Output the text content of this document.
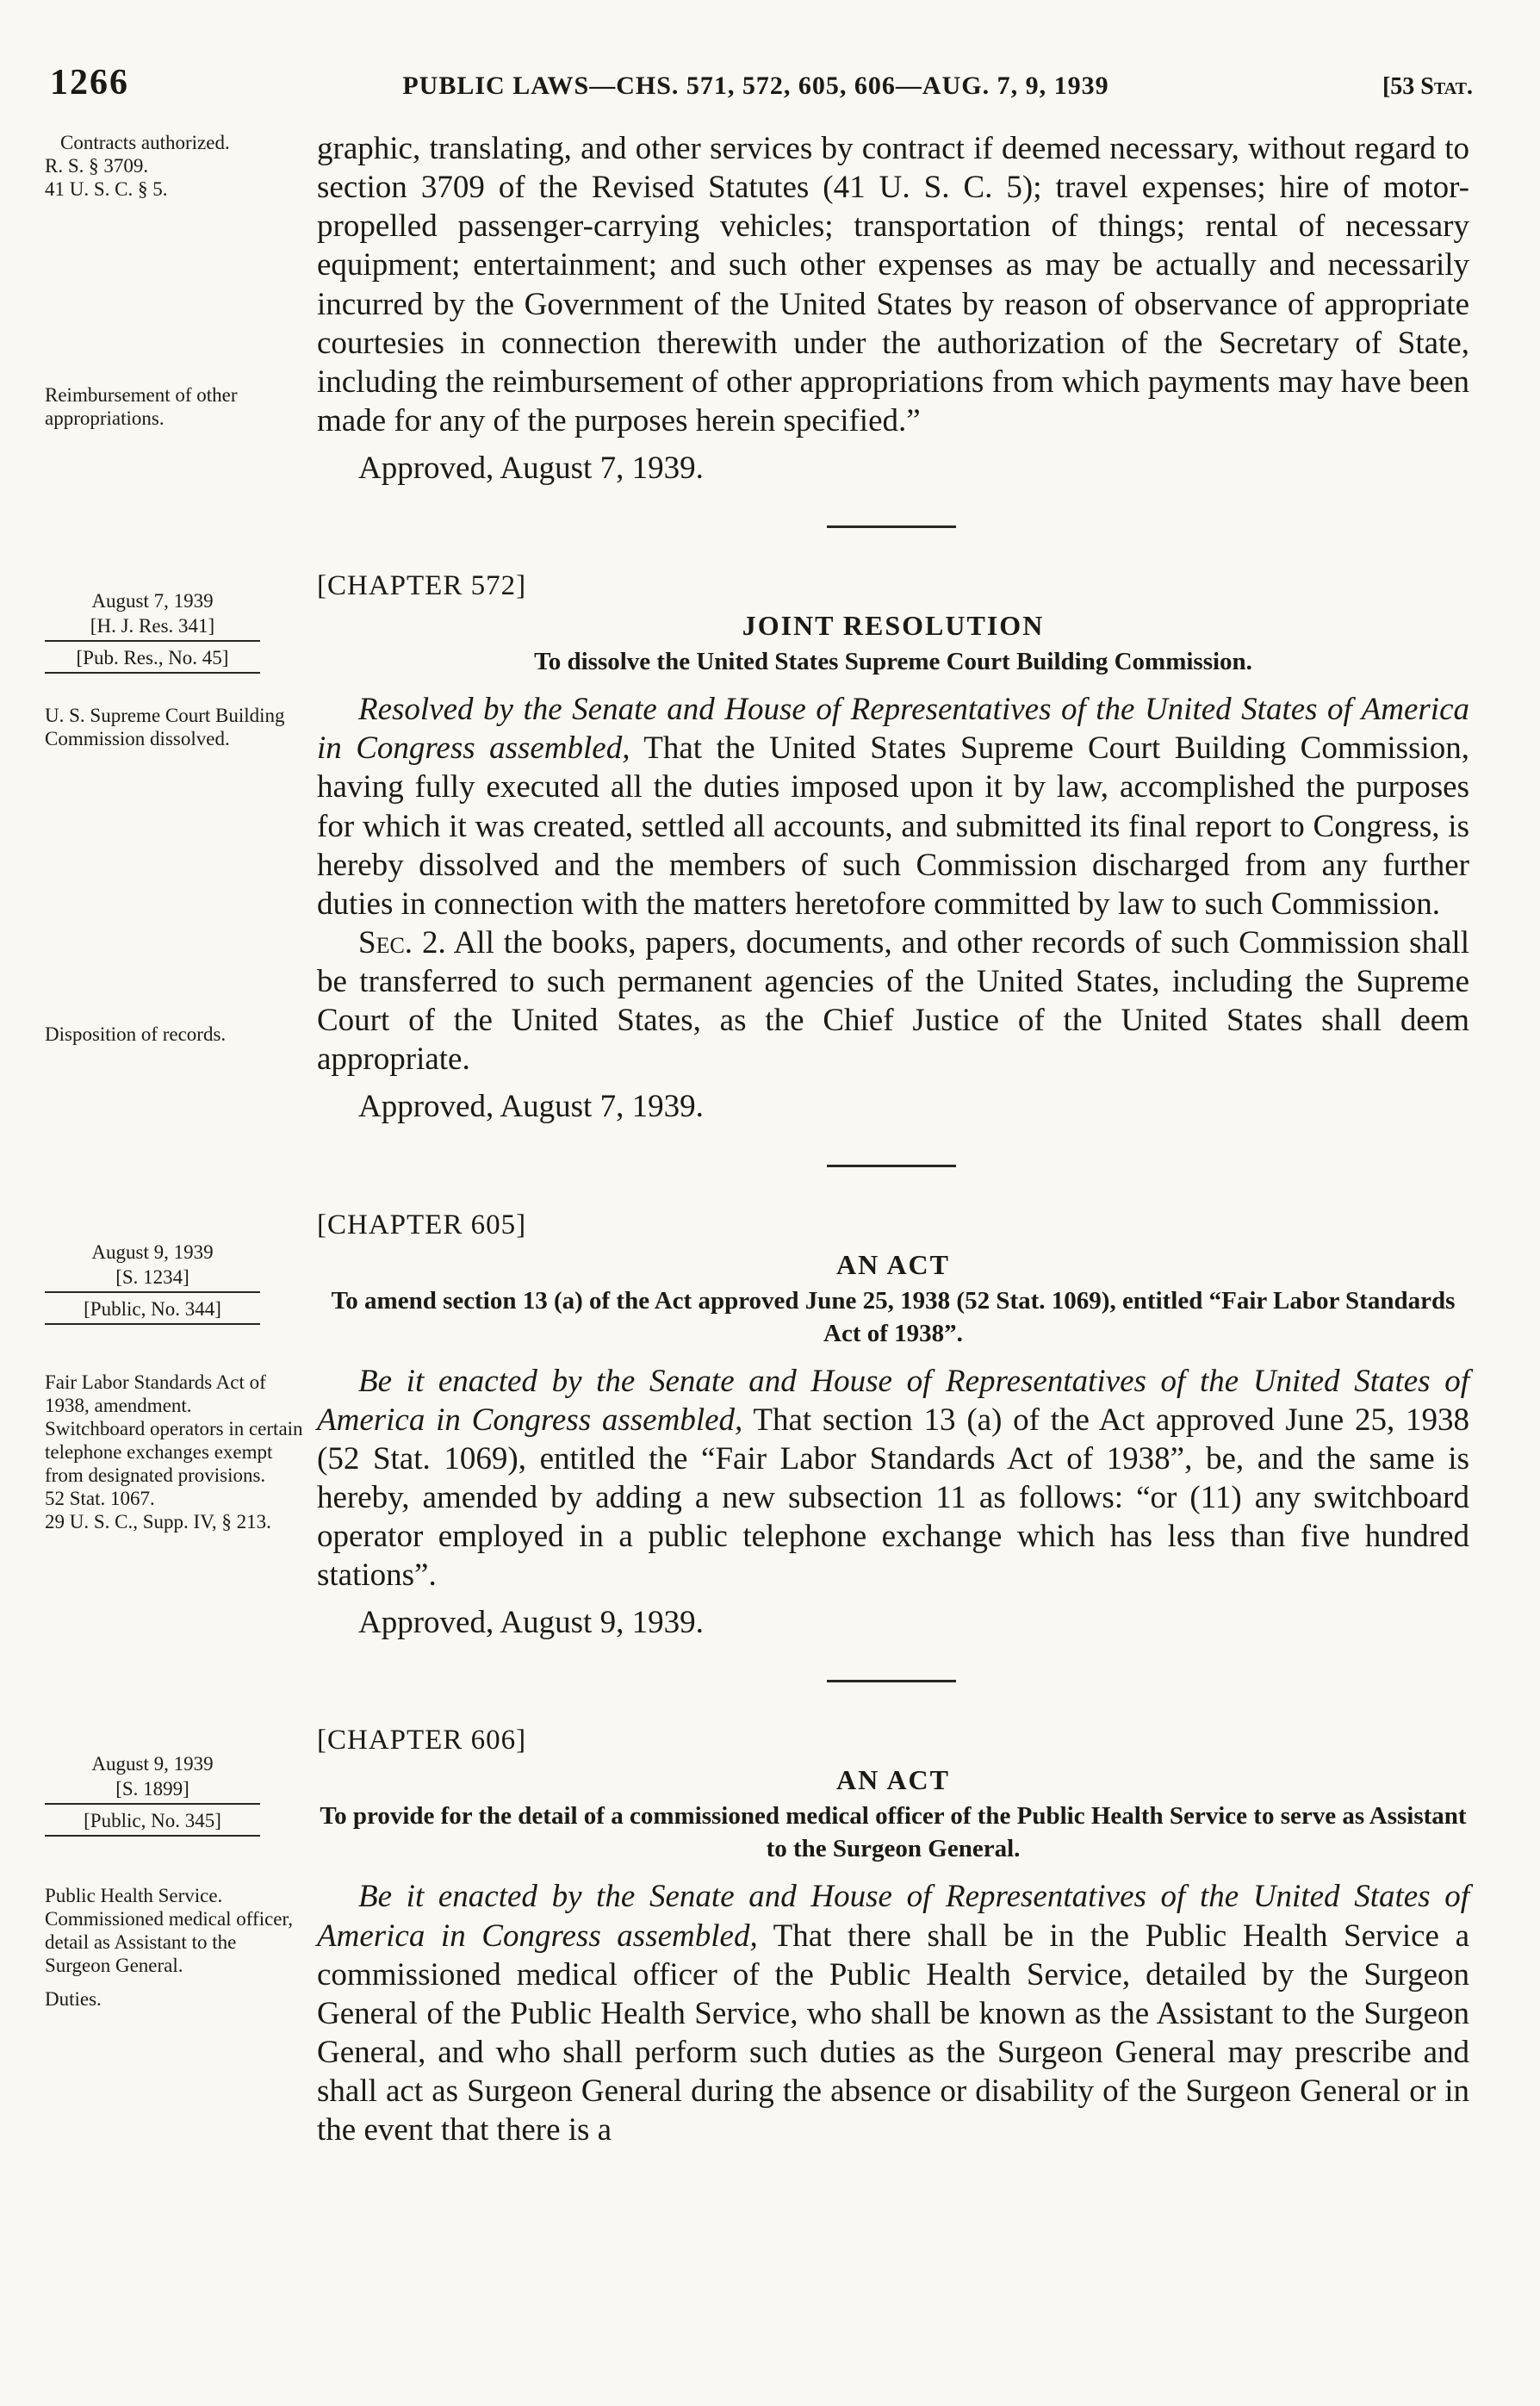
1266	PUBLIC LAWS—CHS. 571, 572, 605, 606—AUG. 7, 9, 1939	[53 Stat.
Contracts authorized.
R. S. § 3709.
41 U. S. C. § 5.
Reimbursement of other appropriations.

graphic, translating, and other services by contract if deemed necessary, without regard to section 3709 of the Revised Statutes (41 U. S. C. 5); travel expenses; hire of motor-propelled passenger-carrying vehicles; transportation of things; rental of necessary equipment; entertainment; and such other expenses as may be actually and necessarily incurred by the Government of the United States by reason of observance of appropriate courtesies in connection therewith under the authorization of the Secretary of State, including the reimbursement of other appropriations from which payments may have been made for any of the purposes herein specified.”

Approved, August 7, 1939.

August 7, 1939
[H. J. Res. 341]
[Pub. Res., No. 45]
U. S. Supreme Court Building Commission dissolved.
Disposition of records.
[CHAPTER 572]
JOINT RESOLUTION
To dissolve the United States Supreme Court Building Commission.

Resolved by the Senate and House of Representatives of the United States of America in Congress assembled, That the United States Supreme Court Building Commission, having fully executed all the duties imposed upon it by law, accomplished the purposes for which it was created, settled all accounts, and submitted its final report to Congress, is hereby dissolved and the members of such Commission discharged from any further duties in connection with the matters heretofore committed by law to such Commission.

Sec. 2. All the books, papers, documents, and other records of such Commission shall be transferred to such permanent agencies of the United States, including the Supreme Court of the United States, as the Chief Justice of the United States shall deem appropriate.

Approved, August 7, 1939.

August 9, 1939
[S. 1234]
[Public, No. 344]
Fair Labor Standards Act of 1938, amendment.
Switchboard operators in certain telephone exchanges exempt from designated provisions.
52 Stat. 1067.
29 U. S. C., Supp. IV, § 213.
[CHAPTER 605]
AN ACT
To amend section 13 (a) of the Act approved June 25, 1938 (52 Stat. 1069), entitled “Fair Labor Standards Act of 1938”.

Be it enacted by the Senate and House of Representatives of the United States of America in Congress assembled, That section 13 (a) of the Act approved June 25, 1938 (52 Stat. 1069), entitled the “Fair Labor Standards Act of 1938”, be, and the same is hereby, amended by adding a new subsection 11 as follows: “or (11) any switchboard operator employed in a public telephone exchange which has less than five hundred stations”.

Approved, August 9, 1939.

August 9, 1939
[S. 1899]
[Public, No. 345]
Public Health Service.
Commissioned medical officer, detail as Assistant to the Surgeon General.
Duties.
[CHAPTER 606]
AN ACT
To provide for the detail of a commissioned medical officer of the Public Health Service to serve as Assistant to the Surgeon General.

Be it enacted by the Senate and House of Representatives of the United States of America in Congress assembled, That there shall be in the Public Health Service a commissioned medical officer of the Public Health Service, detailed by the Surgeon General of the Public Health Service, who shall be known as the Assistant to the Surgeon General, and who shall perform such duties as the Surgeon General may prescribe and shall act as Surgeon General during the absence or disability of the Surgeon General or in the event that there is a
